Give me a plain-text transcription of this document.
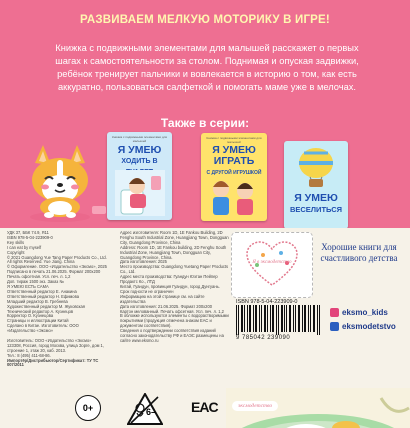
РАЗВИВАЕМ МЕЛКУЮ МОТОРИКУ В ИГРЕ!
Книжка с подвижными элементами для малышей расскажет о первых шагах к самостоятельности за столом. Поднимая и опуская задвижки, ребёнок тренирует пальчики и вовлекается в историю о том, как есть аккуратно, пользоваться салфеткой и помогать маме уже в мелочах.
Также в серии:
Книжка с подвижными элементами для малышей
Я УМЕЮ
ХОДИТЬ В
Книжка с подвижными элементами для малышей
Я УМЕЮ
ИГРАТЬ
С ДРУГОЙ ИГРУШКОЙ
Я УМЕЮ
ВЕСЕЛИТЬСЯ
УДК 37, ББК 74.9, Я11
ISBN 978-5-04-223909-0
Key skills
I can eat by myself
Copyright
© 2021 Guangdong Yue Tang Paper Products Co., Ltd. All rights Reserved. Yue Jiang. China
© Оформление. ООО «Издательство «Эксмо», 2025
Подписано в печать 21.06.2025. Формат 200x200
Печать офсетная. Усл. печ. л. 1,2
Доп. тираж 1500 экз. Заказ №
Я УМЕЮ ЕСТЬ САМА
Ответственный редактор Е. Анакина
Ответственный редактор Н. Ефимова
Младший редактор В. Гребнева
Художественный редактор М. Жуковская
Технический редактор А. Кузнецов
Корректор О. Кузнецова
Страницы и иллюстрации Китай
Сделано в Китае. Изготовитель: ООО «Издательство «Эксмо»

Изготовитель: ООО «Издательство «Эксмо» 123308, Россия, город Москва, улица Зорге, дом 1, строение 1, этаж 20, каб. 2013.
Тел.: 8 (495) 411-68-86.
Импортёр/Дистрибьютор/Сертификат: ТУ ТС 007/2011
Адрес изготовителя: Room 1D, 1E Fankou Building, 2D Fenghu South Industrial Zone, Huangjiang Town, Dongguan City, Guangdong Province, China
Address: Room 1D, 1E Fankou building, 2D Fenghu South Industrial Zone, Huangjiang Town, Dongguan City, Guangdong Province, China.
Дата изготовления: 2025
Место производства: Guangdong Yuetang Paper Products Co., Ltd.
Адрес места производства: Гуандун Юэтан Пейпер Продактс Ко., ЛТД
Китай, Гуандун, провинция Гуандун, город Дунгуань.
Срок годности не ограничен
Информацию на этой странице см. на сайте издательства
Дата изготовления: 21.06.2025. Формат 200x200
Картон мелованный. Печать офсетная. Усл. печ. л. 1,2
В обложке используются элементы с водорастворимыми покрытиями (продукция отмечена знаком EAC и документом соответствия).
Сведения о подтверждении соответствия изданий согласно законодательству РФ и ЕАЭС размещены на сайте www.eksmo.ru
Я в эксмодетство
Хорошие книги для счастливого детства
ISBN 978-5-04-223909-0
9 785042 239090
eksmo_kids
eksmodetstvo
0+	6– EAC	эксмодетство
